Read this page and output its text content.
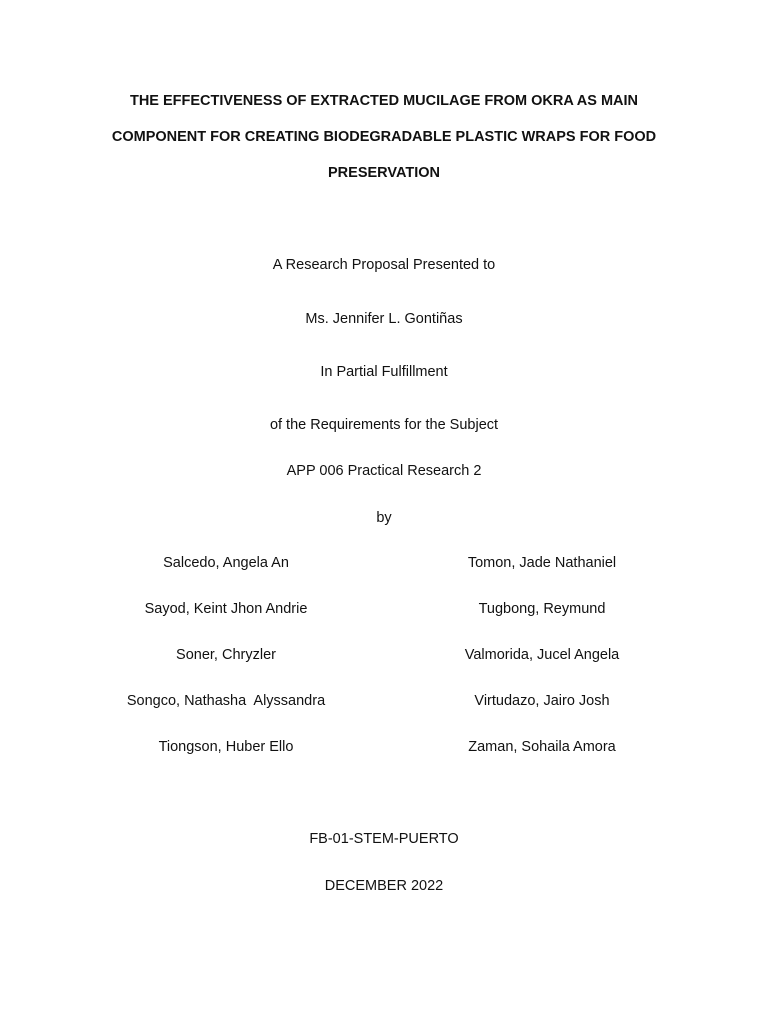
THE EFFECTIVENESS OF EXTRACTED MUCILAGE FROM OKRA AS MAIN
COMPONENT FOR CREATING BIODEGRADABLE PLASTIC WRAPS FOR FOOD
PRESERVATION
A Research Proposal Presented to
Ms. Jennifer L. Gontiñas
In Partial Fulfillment
of the Requirements for the Subject
APP 006 Practical Research 2
by
Salcedo, Angela An
Sayod, Keint Jhon Andrie
Soner, Chryzler
Songco, Nathasha  Alyssandra
Tiongson, Huber Ello
Tomon, Jade Nathaniel
Tugbong, Reymund
Valmorida, Jucel Angela
Virtudazo, Jairo Josh
Zaman, Sohaila Amora
FB-01-STEM-PUERTO
DECEMBER 2022
